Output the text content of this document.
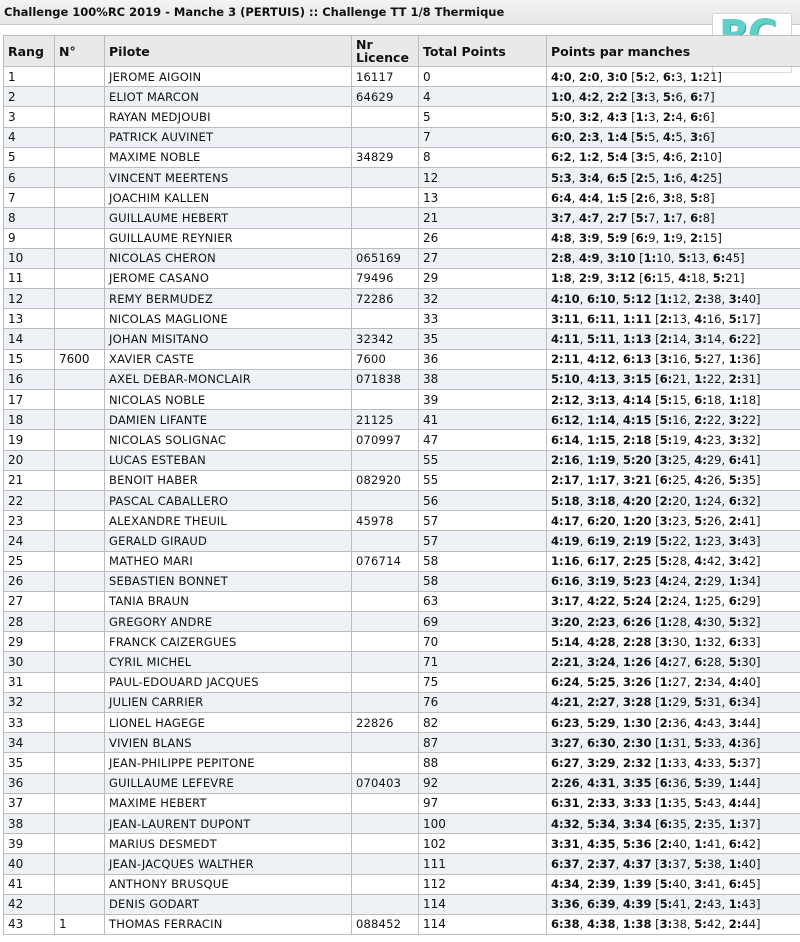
Challenge 100%RC 2019 - Manche 3 (PERTUIS) :: Challenge TT 1/8 Thermique
Rang	N°	Pilote	Nr Licence	Total Points	Points par manches
1		JEROME AIGOIN	16117	0	4:0, 2:0, 3:0 [5:2, 6:3, 1:21]
2		ELIOT MARCON	64629	4	1:0, 4:2, 2:2 [3:3, 5:6, 6:7]
3		RAYAN MEDJOUBI		5	5:0, 3:2, 4:3 [1:3, 2:4, 6:6]
4		PATRICK AUVINET		7	6:0, 2:3, 1:4 [5:5, 4:5, 3:6]
5		MAXIME NOBLE	34829	8	6:2, 1:2, 5:4 [3:5, 4:6, 2:10]
6		VINCENT MEERTENS		12	5:3, 3:4, 6:5 [2:5, 1:6, 4:25]
7		JOACHIM KALLEN		13	6:4, 4:4, 1:5 [2:6, 3:8, 5:8]
8		GUILLAUME HEBERT		21	3:7, 4:7, 2:7 [5:7, 1:7, 6:8]
9		GUILLAUME REYNIER		26	4:8, 3:9, 5:9 [6:9, 1:9, 2:15]
10		NICOLAS CHERON	065169	27	2:8, 4:9, 3:10 [1:10, 5:13, 6:45]
11		JEROME CASANO	79496	29	1:8, 2:9, 3:12 [6:15, 4:18, 5:21]
12		REMY BERMUDEZ	72286	32	4:10, 6:10, 5:12 [1:12, 2:38, 3:40]
13		NICOLAS MAGLIONE		33	3:11, 6:11, 1:11 [2:13, 4:16, 5:17]
14		JOHAN MISITANO	32342	35	4:11, 5:11, 1:13 [2:14, 3:14, 6:22]
15	7600	XAVIER CASTE	7600	36	2:11, 4:12, 6:13 [3:16, 5:27, 1:36]
16		AXEL DEBAR-MONCLAIR	071838	38	5:10, 4:13, 3:15 [6:21, 1:22, 2:31]
17		NICOLAS NOBLE		39	2:12, 3:13, 4:14 [5:15, 6:18, 1:18]
18		DAMIEN LIFANTE	21125	41	6:12, 1:14, 4:15 [5:16, 2:22, 3:22]
19		NICOLAS SOLIGNAC	070997	47	6:14, 1:15, 2:18 [5:19, 4:23, 3:32]
20		LUCAS ESTEBAN		55	2:16, 1:19, 5:20 [3:25, 4:29, 6:41]
21		BENOIT HABER	082920	55	2:17, 1:17, 3:21 [6:25, 4:26, 5:35]
22		PASCAL CABALLERO		56	5:18, 3:18, 4:20 [2:20, 1:24, 6:32]
23		ALEXANDRE THEUIL	45978	57	4:17, 6:20, 1:20 [3:23, 5:26, 2:41]
24		GERALD GIRAUD		57	4:19, 6:19, 2:19 [5:22, 1:23, 3:43]
25		MATHEO MARI	076714	58	1:16, 6:17, 2:25 [5:28, 4:42, 3:42]
26		SEBASTIEN BONNET		58	6:16, 3:19, 5:23 [4:24, 2:29, 1:34]
27		TANIA BRAUN		63	3:17, 4:22, 5:24 [2:24, 1:25, 6:29]
28		GREGORY ANDRE		69	3:20, 2:23, 6:26 [1:28, 4:30, 5:32]
29		FRANCK CAIZERGUES		70	5:14, 4:28, 2:28 [3:30, 1:32, 6:33]
30		CYRIL MICHEL		71	2:21, 3:24, 1:26 [4:27, 6:28, 5:30]
31		PAUL-EDOUARD JACQUES		75	6:24, 5:25, 3:26 [1:27, 2:34, 4:40]
32		JULIEN CARRIER		76	4:21, 2:27, 3:28 [1:29, 5:31, 6:34]
33		LIONEL HAGEGE	22826	82	6:23, 5:29, 1:30 [2:36, 4:43, 3:44]
34		VIVIEN BLANS		87	3:27, 6:30, 2:30 [1:31, 5:33, 4:36]
35		JEAN-PHILIPPE PEPITONE		88	6:27, 3:29, 2:32 [1:33, 4:33, 5:37]
36		GUILLAUME LEFEVRE	070403	92	2:26, 4:31, 3:35 [6:36, 5:39, 1:44]
37		MAXIME HEBERT		97	6:31, 2:33, 3:33 [1:35, 5:43, 4:44]
38		JEAN-LAURENT DUPONT		100	4:32, 5:34, 3:34 [6:35, 2:35, 1:37]
39		MARIUS DESMEDT		102	3:31, 4:35, 5:36 [2:40, 1:41, 6:42]
40		JEAN-JACQUES WALTHER		111	6:37, 2:37, 4:37 [3:37, 5:38, 1:40]
41		ANTHONY BRUSQUE		112	4:34, 2:39, 1:39 [5:40, 3:41, 6:45]
42		DENIS GODART		114	3:36, 6:39, 4:39 [5:41, 2:43, 1:43]
43	1	THOMAS FERRACIN	088452	114	6:38, 4:38, 1:38 [3:38, 5:42, 2:44]
